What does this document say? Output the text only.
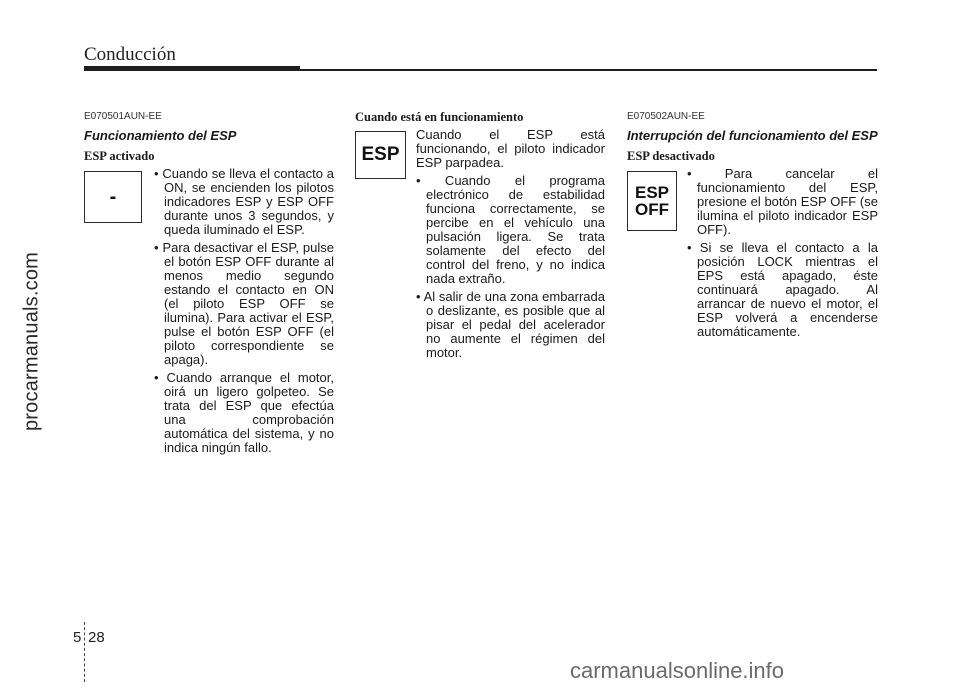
Conducción
procarmanuals.com
E070501AUN-EE
Funcionamiento del ESP
ESP activado
-

• Cuando se lleva el contacto a ON, se encienden los pilotos indicadores ESP y ESP OFF durante unos 3 segundos, y queda iluminado el ESP.

• Para desactivar el ESP, pulse el botón ESP OFF durante al menos medio segundo estando el contacto en ON (el piloto ESP OFF se ilumina). Para activar el ESP, pulse el botón ESP OFF (el piloto correspondiente se apaga).

• Cuando arranque el motor, oirá un ligero golpeteo. Se trata del ESP que efectúa una comprobación automática del sistema, y no indica ningún fallo.

Cuando está en funcionamiento
ESP

Cuando el ESP está funcionando, el piloto indicador ESP parpadea.

• Cuando el programa electrónico de estabilidad funciona correctamente, se percibe en el vehículo una pulsación ligera. Se trata solamente del efecto del control del freno, y no indica nada extraño.

• Al salir de una zona embarrada o deslizante, es posible que al pisar el pedal del acelerador no aumente el régimen del motor.

E070502AUN-EE
Interrupción del funcionamiento del ESP
ESP desactivado
ESP
OFF

• Para cancelar el funcionamiento del ESP, presione el botón ESP OFF (se ilumina el piloto indicador ESP OFF).

• Si se lleva el contacto a la posición LOCK mientras el EPS está apagado, éste continuará apagado. Al arrancar de nuevo el motor, el ESP volverá a encenderse automáticamente.

5 28
carmanualsonline.info
